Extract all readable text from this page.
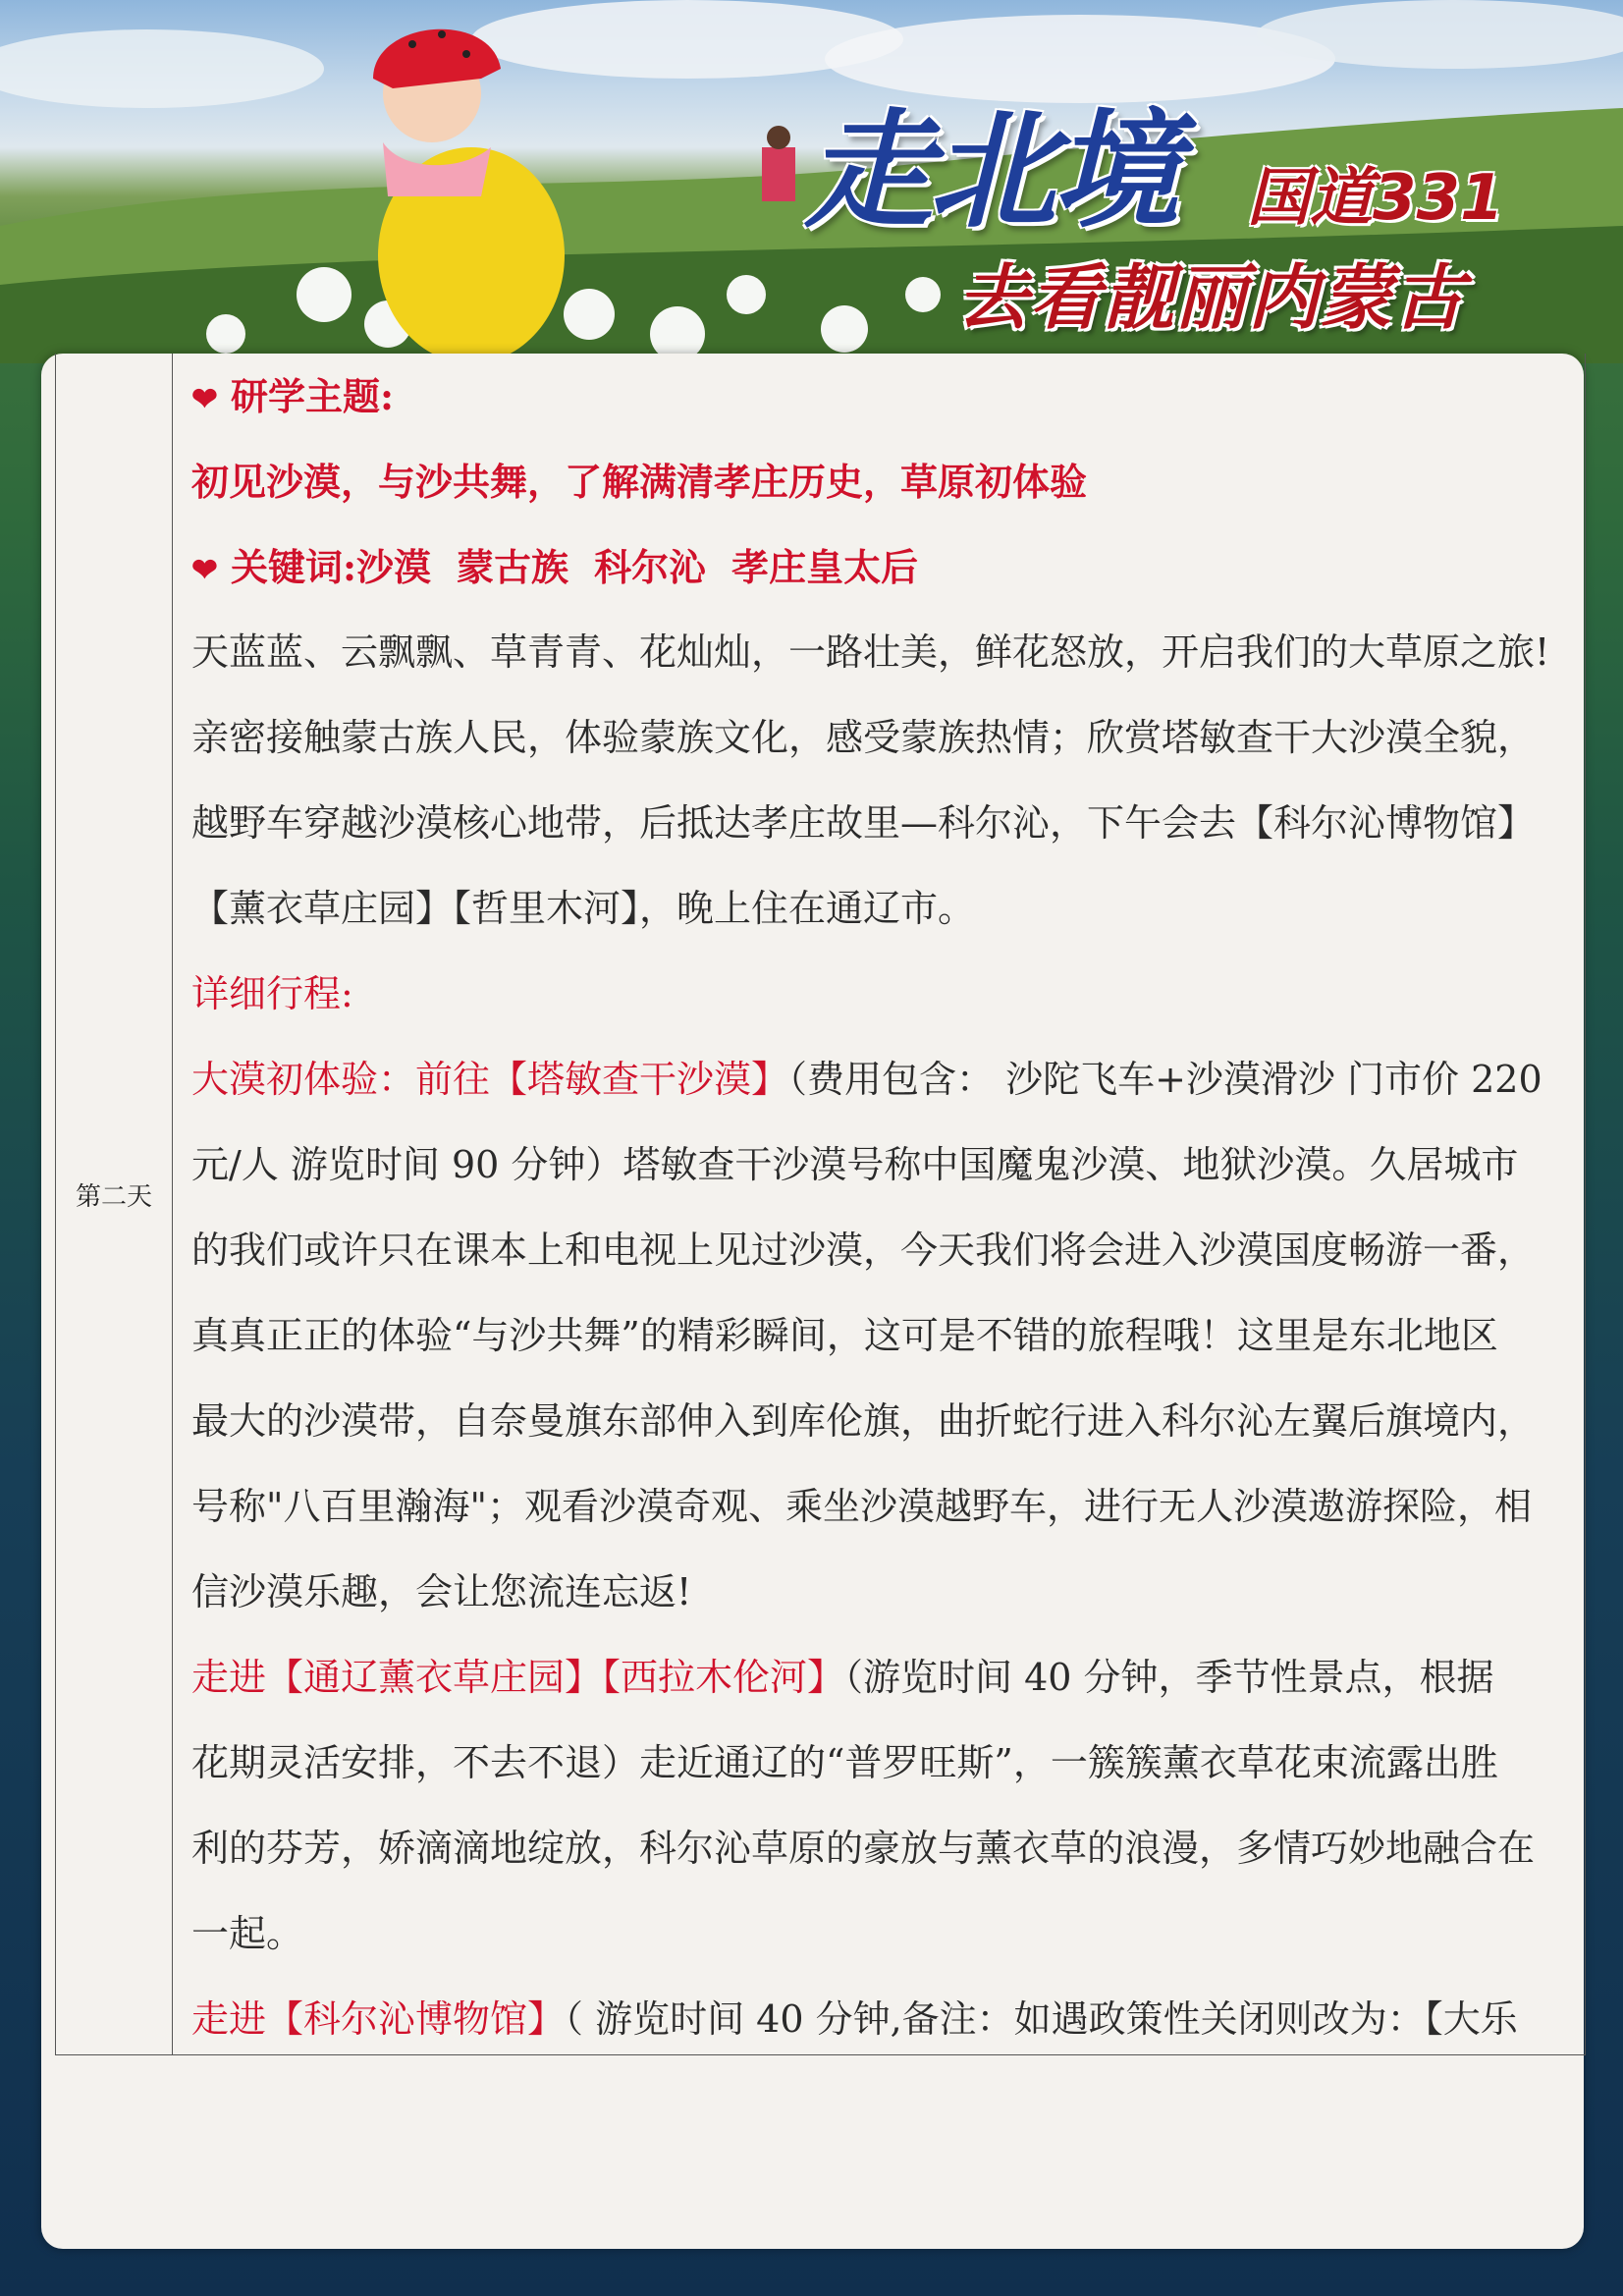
走北境 国道331
去看靓丽内蒙古
第二天
❤ 研学主题:
初见沙漠，与沙共舞，了解满清孝庄历史，草原初体验
❤ 关键词:沙漠 蒙古族 科尔沁 孝庄皇太后
天蓝蓝、云飘飘、草青青、花灿灿，一路壮美，鲜花怒放，开启我们的大草原之旅!
亲密接触蒙古族人民，体验蒙族文化，感受蒙族热情；欣赏塔敏查干大沙漠全貌，
越野车穿越沙漠核心地带，后抵达孝庄故里—科尔沁，下午会去【科尔沁博物馆】
【薰衣草庄园】【哲里木河】，晚上住在通辽市。
详细行程:
大漠初体验：前往【塔敏查干沙漠】（费用包含： 沙陀飞车+沙漠滑沙 门市价 220
元/人 游览时间 90 分钟）塔敏查干沙漠号称中国魔鬼沙漠、地狱沙漠。久居城市
的我们或许只在课本上和电视上见过沙漠，今天我们将会进入沙漠国度畅游一番，
真真正正的体验“与沙共舞”的精彩瞬间，这可是不错的旅程哦！这里是东北地区
最大的沙漠带，自奈曼旗东部伸入到库伦旗，曲折蛇行进入科尔沁左翼后旗境内，
号称"八百里瀚海"；观看沙漠奇观、乘坐沙漠越野车，进行无人沙漠遨游探险，相
信沙漠乐趣，会让您流连忘返!
走进【通辽薰衣草庄园】【西拉木伦河】（游览时间 40 分钟，季节性景点，根据
花期灵活安排，不去不退）走近通辽的“普罗旺斯”，一簇簇薰衣草花束流露出胜
利的芬芳，娇滴滴地绽放，科尔沁草原的豪放与薰衣草的浪漫，多情巧妙地融合在
一起。
走进【科尔沁博物馆】（ 游览时间 40 分钟,备注：如遇政策性关闭则改为：【大乐
